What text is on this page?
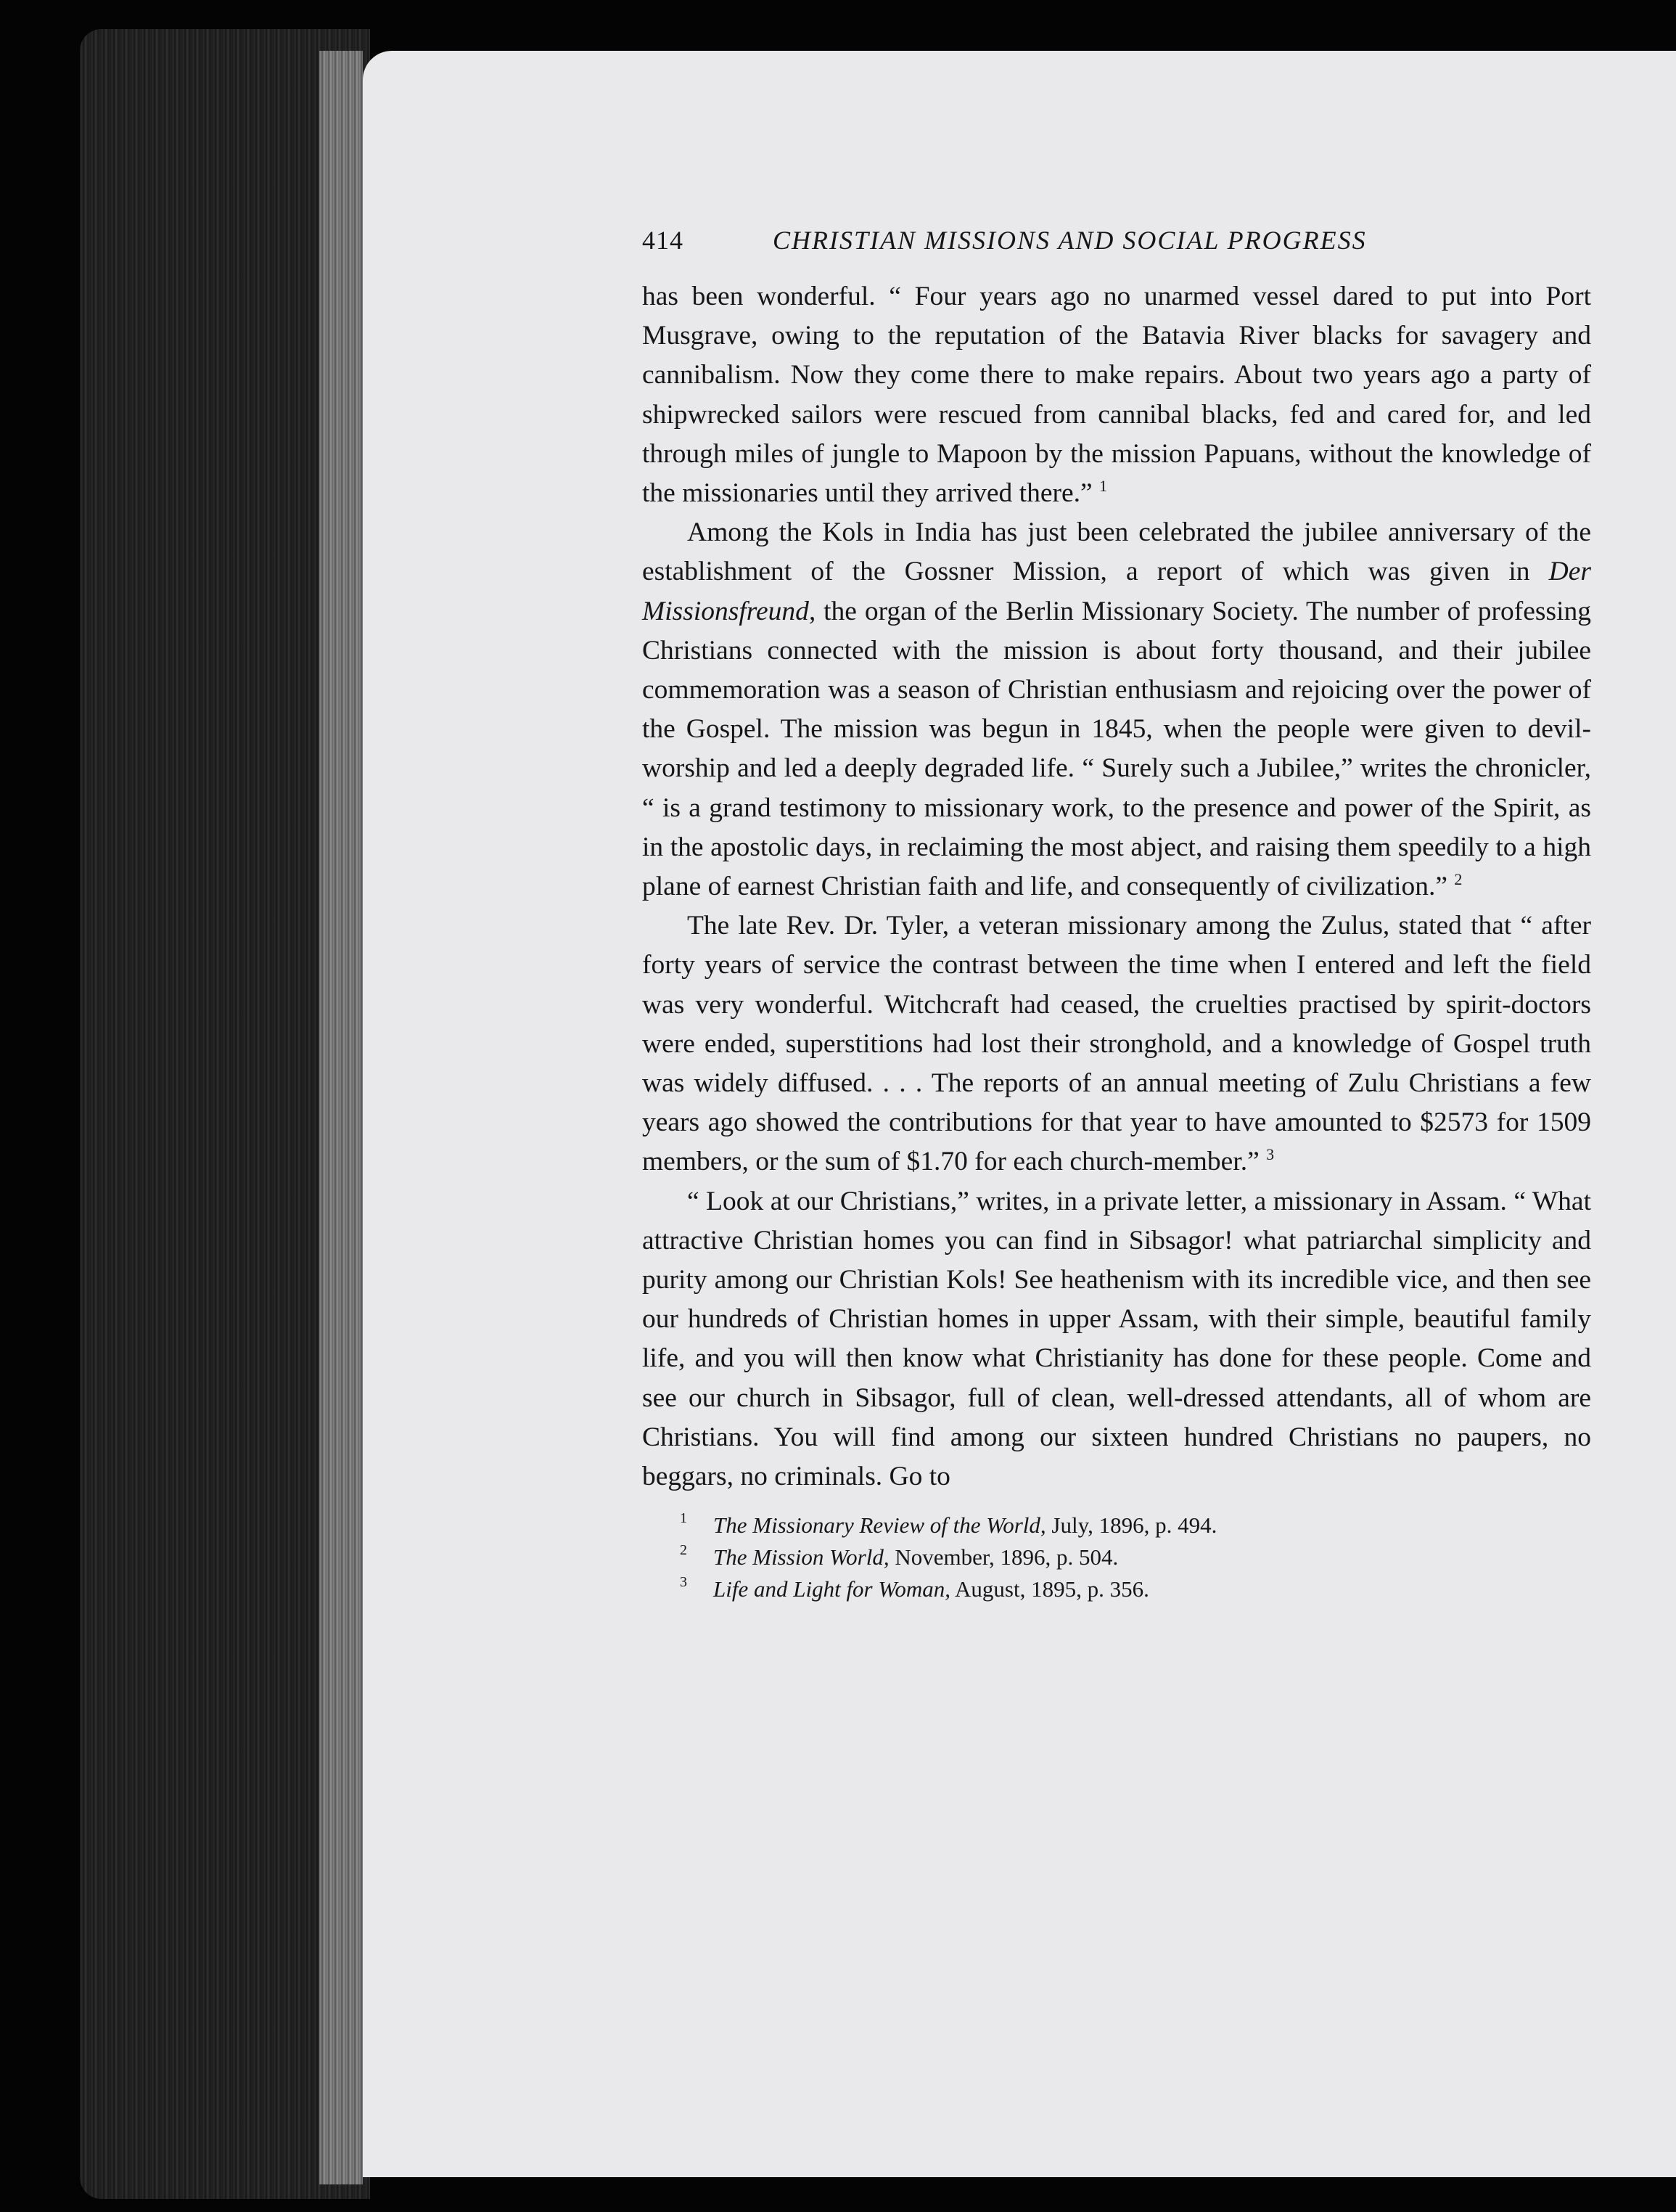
414	CHRISTIAN MISSIONS AND SOCIAL PROGRESS

has been wonderful. “ Four years ago no unarmed vessel dared to put into Port Musgrave, owing to the reputation of the Batavia River blacks for savagery and cannibalism. Now they come there to make repairs. About two years ago a party of shipwrecked sailors were rescued from cannibal blacks, fed and cared for, and led through miles of jungle to Mapoon by the mission Papuans, without the knowledge of the missionaries until they arrived there.” $^1$

Among the Kols in India has just been celebrated the jubilee anniversary of the establishment of the Gossner Mission, a report of which was given in Der Missionsfreund, the organ of the Berlin Missionary Society. The number of professing Christians connected with the mission is about forty thousand, and their jubilee commemoration was a season of Christian enthusiasm and rejoicing over the power of the Gospel. The mission was begun in 1845, when the people were given to devil-worship and led a deeply degraded life. “ Surely such a Jubilee,” writes the chronicler, “ is a grand testimony to missionary work, to the presence and power of the Spirit, as in the apostolic days, in reclaiming the most abject, and raising them speedily to a high plane of earnest Christian faith and life, and consequently of civilization.” $^2$

The late Rev. Dr. Tyler, a veteran missionary among the Zulus, stated that “ after forty years of service the contrast between the time when I entered and left the field was very wonderful. Witchcraft had ceased, the cruelties practised by spirit-doctors were ended, superstitions had lost their stronghold, and a knowledge of Gospel truth was widely diffused. . . . The reports of an annual meeting of Zulu Christians a few years ago showed the contributions for that year to have amounted to $2573 for 1509 members, or the sum of $1.70 for each church-member.” $^3$

“ Look at our Christians,” writes, in a private letter, a missionary in Assam. “ What attractive Christian homes you can find in Sibsagor! what patriarchal simplicity and purity among our Christian Kols! See heathenism with its incredible vice, and then see our hundreds of Christian homes in upper Assam, with their simple, beautiful family life, and you will then know what Christianity has done for these people. Come and see our church in Sibsagor, full of clean, well-dressed attendants, all of whom are Christians. You will find among our sixteen hundred Christians no paupers, no beggars, no criminals. Go to

1	The Missionary Review of the World, July, 1896, p. 494.
2	The Mission World, November, 1896, p. 504.
3	Life and Light for Woman, August, 1895, p. 356.
